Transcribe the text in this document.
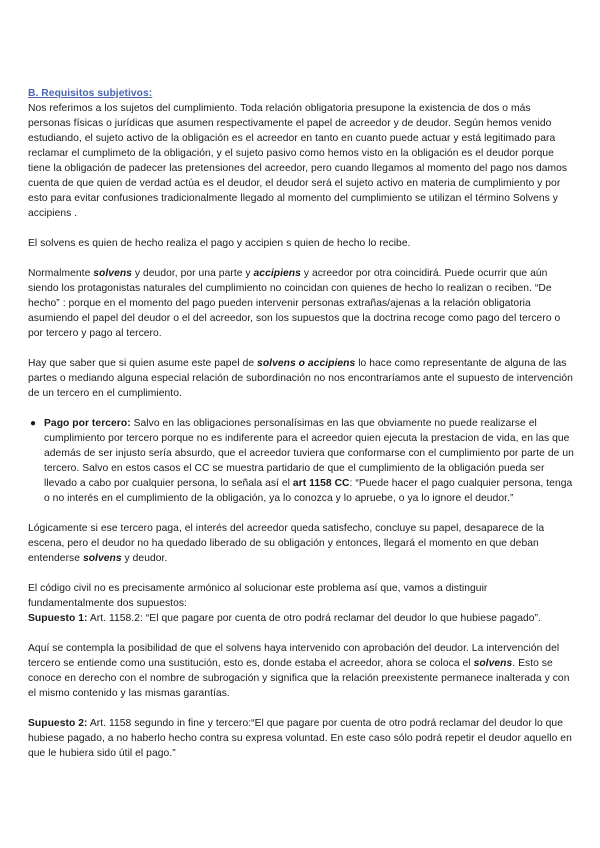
B. Requisitos subjetivos:

Nos referimos a los sujetos del cumplimiento. Toda relación obligatoria presupone la existencia de dos o más personas físicas o jurídicas que asumen respectivamente el papel de acreedor y de deudor. Según hemos venido estudiando, el sujeto activo de la obligación es el acreedor en tanto en cuanto puede actuar y está legitimado para reclamar el cumplimeto de la obligación, y el sujeto pasivo como hemos visto en la obligación es el deudor porque tiene la obligación de padecer las pretensiones del acreedor, pero cuando llegamos al momento del pago nos damos cuenta de que quien de verdad actúa es el deudor, el deudor será el sujeto activo en materia de cumplimiento y por esto para evitar confusiones tradicionalmente llegado al momento del cumplimiento se utilizan el término Solvens y accipiens .

El solvens es quien de hecho realiza el pago y accipien s quien de hecho lo recibe.

Normalmente solvens y deudor, por una parte y accipiens y acreedor por otra coincidirá. Puede ocurrir que aún siendo los protagonistas naturales del cumplimiento no coincidan con quienes de hecho lo realizan o reciben. “De hecho” : porque en el momento del pago pueden intervenir personas extrañas/ajenas a la relación obligatoria asumiendo el papel del deudor o el del acreedor, son los supuestos que la doctrina recoge como pago del tercero o por tercero y pago al tercero.

Hay que saber que si quien asume este papel de solvens o accipiens lo hace como representante de alguna de las partes o mediando alguna especial relación de subordinación no nos encontraríamos ante el supuesto de intervención de un tercero en el cumplimiento.

● Pago por tercero: Salvo en las obligaciones personalísimas en las que obviamente no puede realizarse el cumplimiento por tercero porque no es indiferente para el acreedor quien ejecuta la prestacion de vida, en las que además de ser injusto sería absurdo, que el acreedor tuviera que conformarse con el cumplimiento por parte de un tercero. Salvo en estos casos el CC se muestra partidario de que el cumplimiento de la obligación pueda ser llevado a cabo por cualquier persona, lo señala así el art 1158 CC: “Puede hacer el pago cualquier persona, tenga o no interés en el cumplimiento de la obligación, ya lo conozca y lo apruebe, o ya lo ignore el deudor.”

Lógicamente si ese tercero paga, el interés del acreedor queda satisfecho, concluye su papel, desaparece de la escena, pero el deudor no ha quedado liberado de su obligación y entonces, llegará el momento en que deban entenderse solvens y deudor.

El código civil no es precisamente armónico al solucionar este problema así que, vamos a distinguir fundamentalmente dos supuestos:

Supuesto 1: Art. 1158.2: “El que pagare por cuenta de otro podrá reclamar del deudor lo que hubiese pagado”.

Aquí se contempla la posibilidad de que el solvens haya intervenido con aprobación del deudor. La intervención del tercero se entiende como una sustitución, esto es, donde estaba el acreedor, ahora se coloca el solvens. Esto se conoce en derecho con el nombre de subrogación y significa que la relación preexistente permanece inalterada y con el mismo contenido y las mismas garantías.

Supuesto 2: Art. 1158 segundo in fine y tercero:“El que pagare por cuenta de otro podrá reclamar del deudor lo que hubiese pagado, a no haberlo hecho contra su expresa voluntad. En este caso sólo podrá repetir el deudor aquello en que le hubiera sido útil el pago.”
